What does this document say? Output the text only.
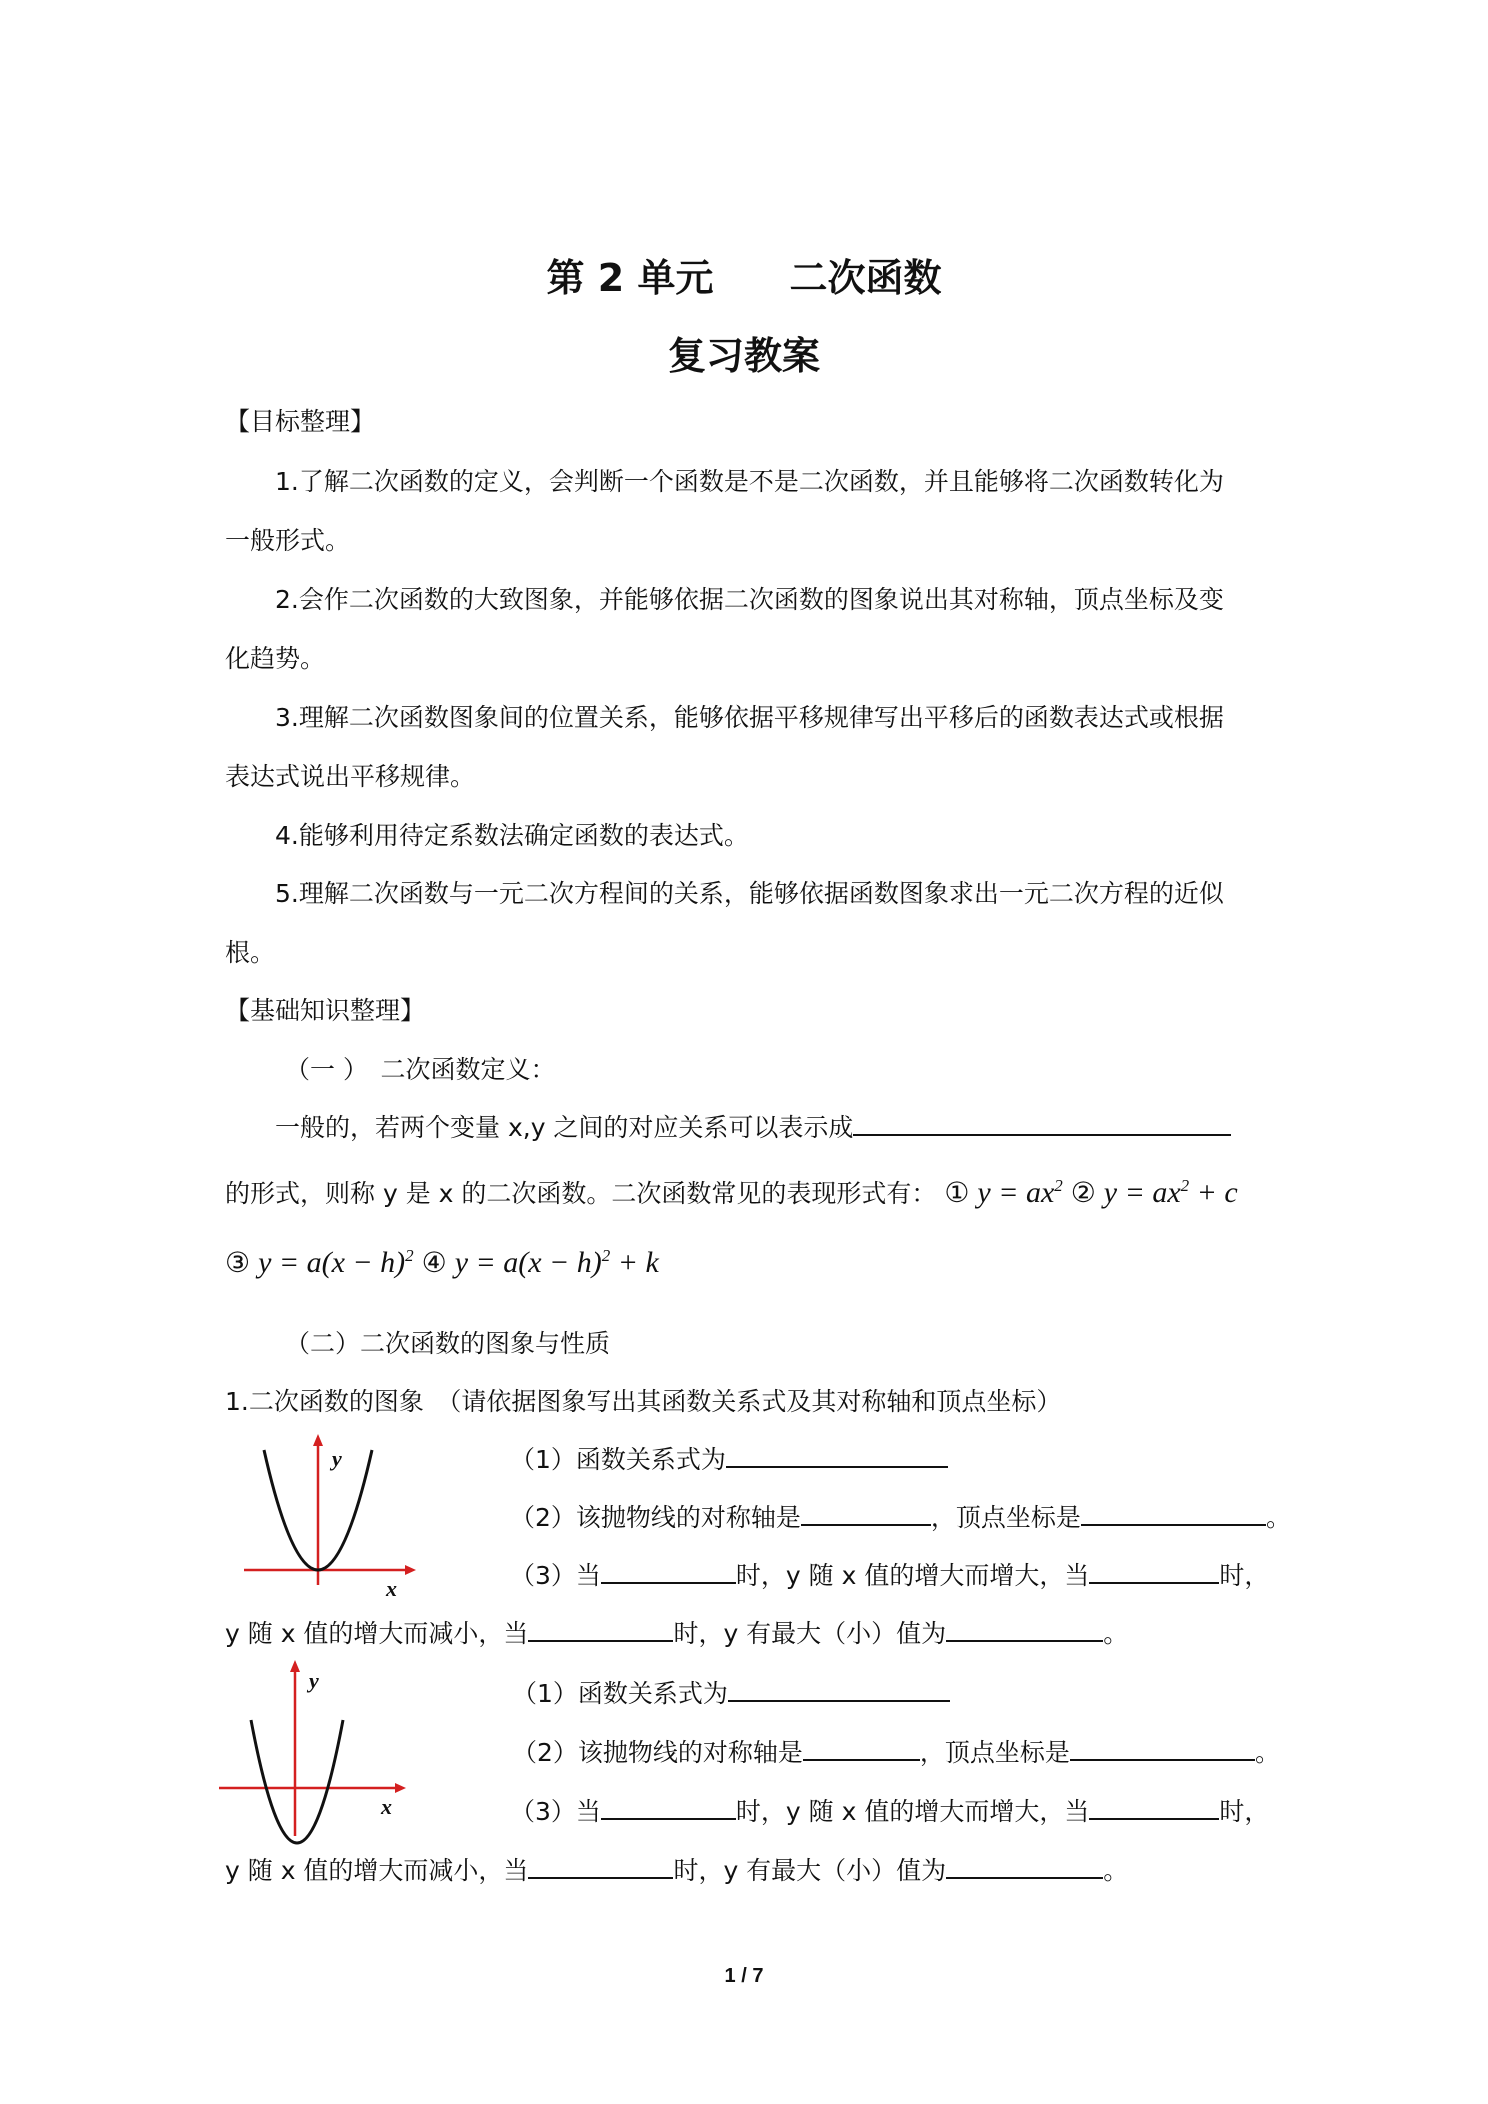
第 2 单元　　二次函数
复习教案
【目标整理】
1.了解二次函数的定义，会判断一个函数是不是二次函数，并且能够将二次函数转化为
一般形式。
2.会作二次函数的大致图象，并能够依据二次函数的图象说出其对称轴，顶点坐标及变
化趋势。
3.理解二次函数图象间的位置关系，能够依据平移规律写出平移后的函数表达式或根据
表达式说出平移规律。
4.能够利用待定系数法确定函数的表达式。
5.理解二次函数与一元二次方程间的关系，能够依据函数图象求出一元二次方程的近似
根。
【基础知识整理】
（一 ）　二次函数定义：
一般的，若两个变量 x,y 之间的对应关系可以表示成
的形式，则称 y 是 x 的二次函数。二次函数常见的表现形式有： ① $y = ax^2$ ② $y = ax^2 + c$
③ $y = a(x - h)^2$ ④ $y = a(x - h)^2 + k$
（二）二次函数的图象与性质
1.二次函数的图象　（请依据图象写出其函数关系式及其对称轴和顶点坐标）
y
x
（1）函数关系式为
（2）该抛物线的对称轴是	，顶点坐标是	。
（3）当	时，y 随 x 值的增大而增大，当	时，
y 随 x 值的增大而减小，当	时，y 有最大（小）值为	。
y
x
（1）函数关系式为
（2）该抛物线的对称轴是	，顶点坐标是	。
（3）当	时，y 随 x 值的增大而增大，当	时，
y 随 x 值的增大而减小，当	时，y 有最大（小）值为	。
1 / 7
